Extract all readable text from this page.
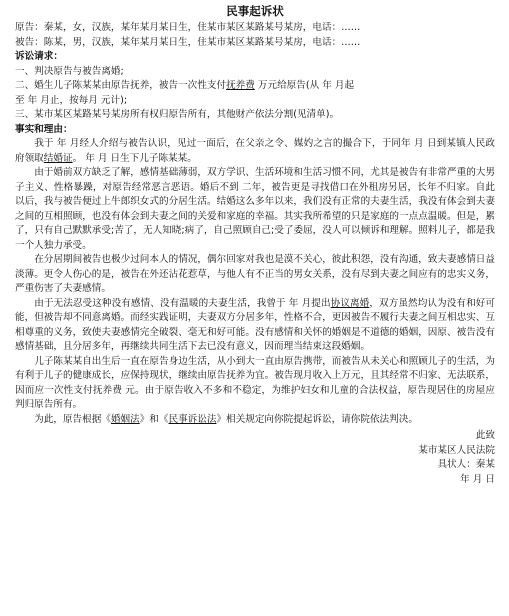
民事起诉状
原告：秦某，女，汉族，某年某月某日生，住某市某区某路某号某房，电话：……
被告：陈某，男，汉族，某年某月某日生，住某市某区某路某号某房，电话：……
诉讼请求：
一、判决原告与被告离婚;
二、婚生儿子陈某某由原告抚养，被告一次性支付抚养费 万元给原告(从 年 月起
至 年 月止，按每月 元计);
三、某市某区某路某号某房所有权归原告所有，其他财产依法分割(见清单)。
事实和理由：
我于 年 月经人介绍与被告认识，见过一面后，在父亲之令、媒妁之言的撮合下，于同年 月 日到某镇人民政府领取结婚证。 年 月 日生下儿子陈某某。
由于婚前双方缺乏了解，感情基础薄弱，双方学识、生活环境和生活习惯不同，尤其是被告有非常严重的大男子主义、性格暴躁，对原告经常恶言恶语。婚后不到 二年，被告更是寻找借口在外租房另居，长年不归家。自此以后，我与被告便过上牛郎织女式的分居生活。结婚这么多年以来，我们没有正常的夫妻生活，我没有体会到夫妻之间的互相照顾，也没有体会到夫妻之间的关爱和家庭的幸福。其实我所希望的只是家庭的一点点温暖。但是，累了，只有自己默默承受;苦了，无人知晓;病了，自己照顾自己;受了委屈，没人可以倾诉和理解。照料儿子，都是我一个人独力承受。
在分居期间被告也极少过问本人的情况，偶尔回家对我也是漠不关心，彼此积怨，没有沟通，致夫妻感情日益淡薄。更令人伤心的是，被告在外还沾花惹草，与他人有不正当的男女关系，没有尽到夫妻之间应有的忠实义务，严重伤害了夫妻感情。
由于无法忍受这种没有感情、没有温暖的夫妻生活，我曾于 年 月提出协议离婚，双方虽然均认为没有和好可能，但被告却不同意离婚。而经实践证明，夫妻双方分居多年，性格不合，更因被告不履行夫妻之间互相忠实、互相尊重的义务，致使夫妻感情完全破裂、毫无和好可能。没有感情和关怀的婚姻是不道德的婚姻，因原、被告没有感情基础，且分居多年，再继续共同生活下去已没有意义，因而理当结束这段婚姻。
儿子陈某某自出生后一直在原告身边生活，从小到大一直由原告携带，而被告从未关心和照顾儿子的生活，为有利于儿子的健康成长，应保持现状，继续由原告抚养为宜。被告现月收入上万元，且其经常不归家、无法联系，因而应一次性支付抚养费 元。由于原告收入不多和不稳定，为维护妇女和儿童的合法权益，原告现居住的房屋应判归原告所有。
为此，原告根据《婚姻法》和《民事诉讼法》相关规定向你院提起诉讼，请你院依法判决。
此致
某市某区人民法院
具状人：秦某
年 月 日
